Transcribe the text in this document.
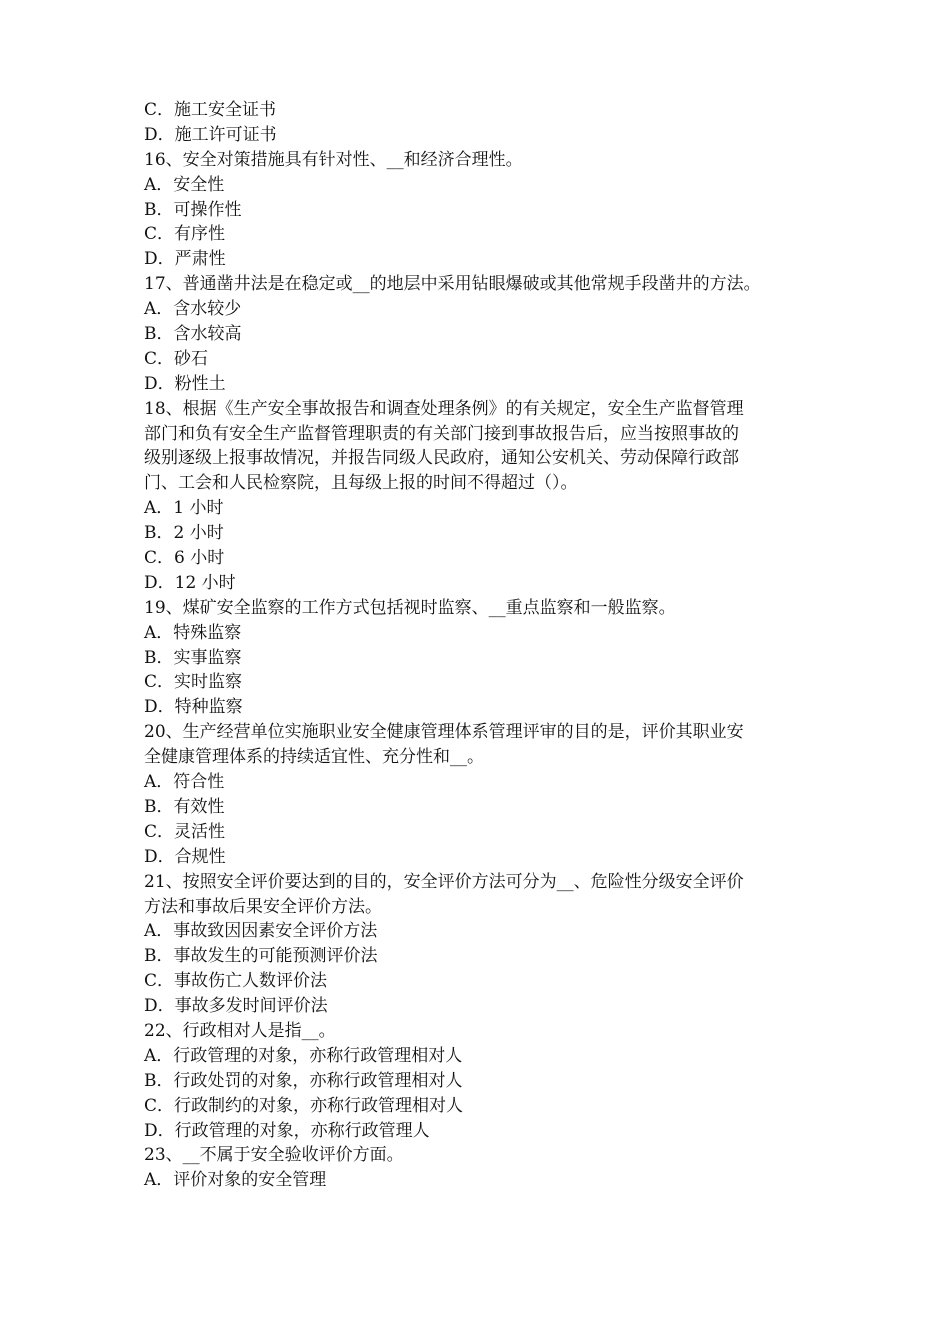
C．施工安全证书
D．施工许可证书
16、安全对策措施具有针对性、__和经济合理性。
A．安全性
B．可操作性
C．有序性
D．严肃性
17、普通凿井法是在稳定或__的地层中采用钻眼爆破或其他常规手段凿井的方法。
A．含水较少
B．含水较高
C．砂石
D．粉性土
18、根据《生产安全事故报告和调查处理条例》的有关规定，安全生产监督管理
部门和负有安全生产监督管理职责的有关部门接到事故报告后，应当按照事故的
级别逐级上报事故情况，并报告同级人民政府，通知公安机关、劳动保障行政部
门、工会和人民检察院，且每级上报的时间不得超过（）。
A．1 小时
B．2 小时
C．6 小时
D．12 小时
19、煤矿安全监察的工作方式包括视时监察、__重点监察和一般监察。
A．特殊监察
B．实事监察
C．实时监察
D．特种监察
20、生产经营单位实施职业安全健康管理体系管理评审的目的是，评价其职业安
全健康管理体系的持续适宜性、充分性和__。
A．符合性
B．有效性
C．灵活性
D．合规性
21、按照安全评价要达到的目的，安全评价方法可分为__、危险性分级安全评价
方法和事故后果安全评价方法。
A．事故致因因素安全评价方法
B．事故发生的可能预测评价法
C．事故伤亡人数评价法
D．事故多发时间评价法
22、行政相对人是指__。
A．行政管理的对象，亦称行政管理相对人
B．行政处罚的对象，亦称行政管理相对人
C．行政制约的对象，亦称行政管理相对人
D．行政管理的对象，亦称行政管理人
23、__不属于安全验收评价方面。
A．评价对象的安全管理
